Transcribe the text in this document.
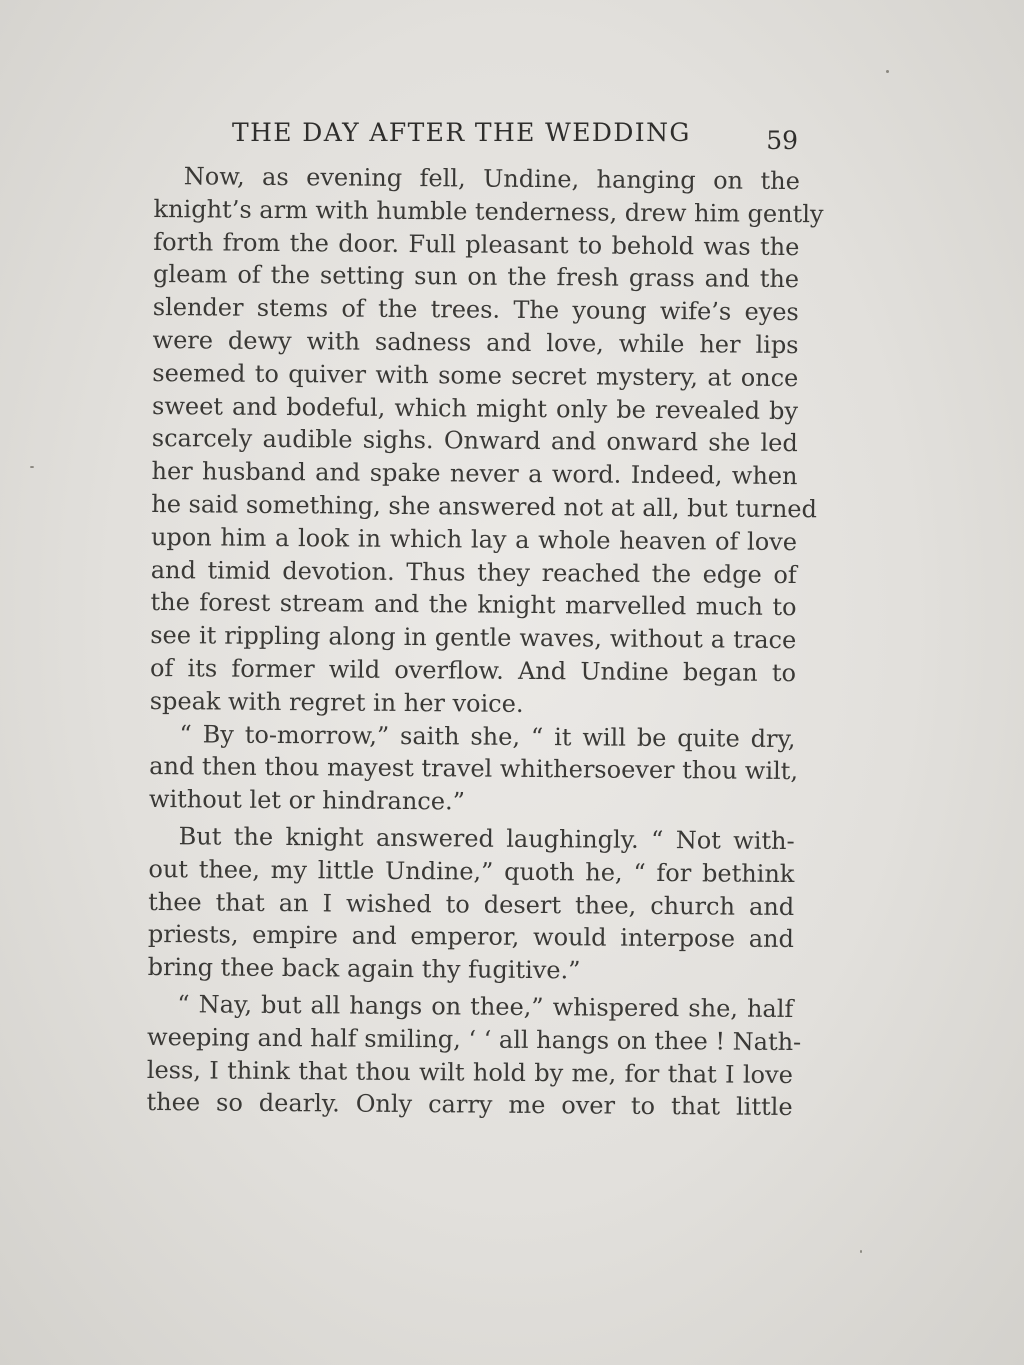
THE DAY AFTER THE WEDDING	59
Now, as evening fell, Undine, hanging on the
knight’s arm with humble tenderness, drew him gently
forth from the door. Full pleasant to behold was the
gleam of the setting sun on the fresh grass and the
slender stems of the trees. The young wife’s eyes
were dewy with sadness and love, while her lips
seemed to quiver with some secret mystery, at once
sweet and bodeful, which might only be revealed by
scarcely audible sighs. Onward and onward she led
her husband and spake never a word. Indeed, when
he said something, she answered not at all, but turned
upon him a look in which lay a whole heaven of love
and timid devotion. Thus they reached the edge of
the forest stream and the knight marvelled much to
see it rippling along in gentle waves, without a trace
of its former wild overflow. And Undine began to
speak with regret in her voice.
“ By to-morrow,” saith she, “ it will be quite dry,
and then thou mayest travel whithersoever thou wilt,
without let or hindrance.”
But the knight answered laughingly. “ Not with-
out thee, my little Undine,” quoth he, “ for bethink
thee that an I wished to desert thee, church and
priests, empire and emperor, would interpose and
bring thee back again thy fugitive.”
“ Nay, but all hangs on thee,” whispered she, half
weeping and half smiling, ‘ ‘ all hangs on thee ! Nath-
less, I think that thou wilt hold by me, for that I love
thee so dearly. Only carry me over to that little
